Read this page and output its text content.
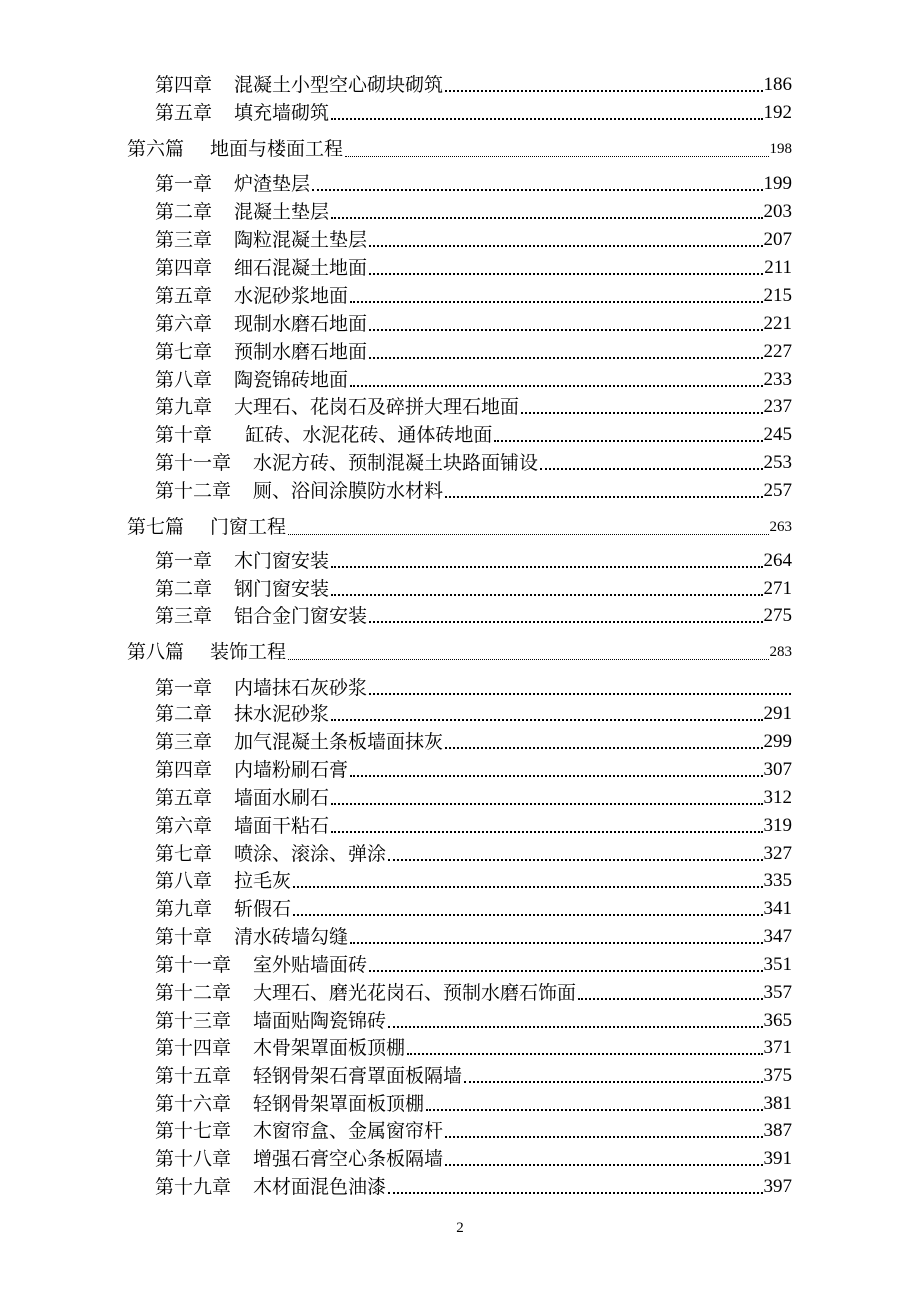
第四章 混凝土小型空心砌块砌筑	186
第五章 填充墙砌筑	192
第六篇 地面与楼面工程	198
第一章 炉渣垫层	199
第二章 混凝土垫层	203
第三章 陶粒混凝土垫层	207
第四章 细石混凝土地面	211
第五章 水泥砂浆地面	215
第六章 现制水磨石地面	221
第七章 预制水磨石地面	227
第八章 陶瓷锦砖地面	233
第九章 大理石、花岗石及碎拼大理石地面	237
第十章	缸砖、水泥花砖、通体砖地面	245
第十一章 水泥方砖、预制混凝土块路面铺设	253
第十二章 厕、浴间涂膜防水材料	257
第七篇 门窗工程	263
第一章 木门窗安装	264
第二章 钢门窗安装	271
第三章 铝合金门窗安装	275
第八篇 装饰工程	283
第一章 内墙抹石灰砂浆
第二章 抹水泥砂浆	291
第三章 加气混凝土条板墙面抹灰	299
第四章 内墙粉刷石膏	307
第五章 墙面水刷石	312
第六章 墙面干粘石	319
第七章 喷涂、滚涂、弹涂	327
第八章 拉毛灰	335
第九章 斩假石	341
第十章 清水砖墙勾缝	347
第十一章 室外贴墙面砖	351
第十二章 大理石、磨光花岗石、预制水磨石饰面	357
第十三章 墙面贴陶瓷锦砖	365
第十四章 木骨架罩面板顶棚	371
第十五章 轻钢骨架石膏罩面板隔墙	375
第十六章 轻钢骨架罩面板顶棚	381
第十七章 木窗帘盒、金属窗帘杆	387
第十八章 增强石膏空心条板隔墙	391
第十九章 木材面混色油漆	397
2
